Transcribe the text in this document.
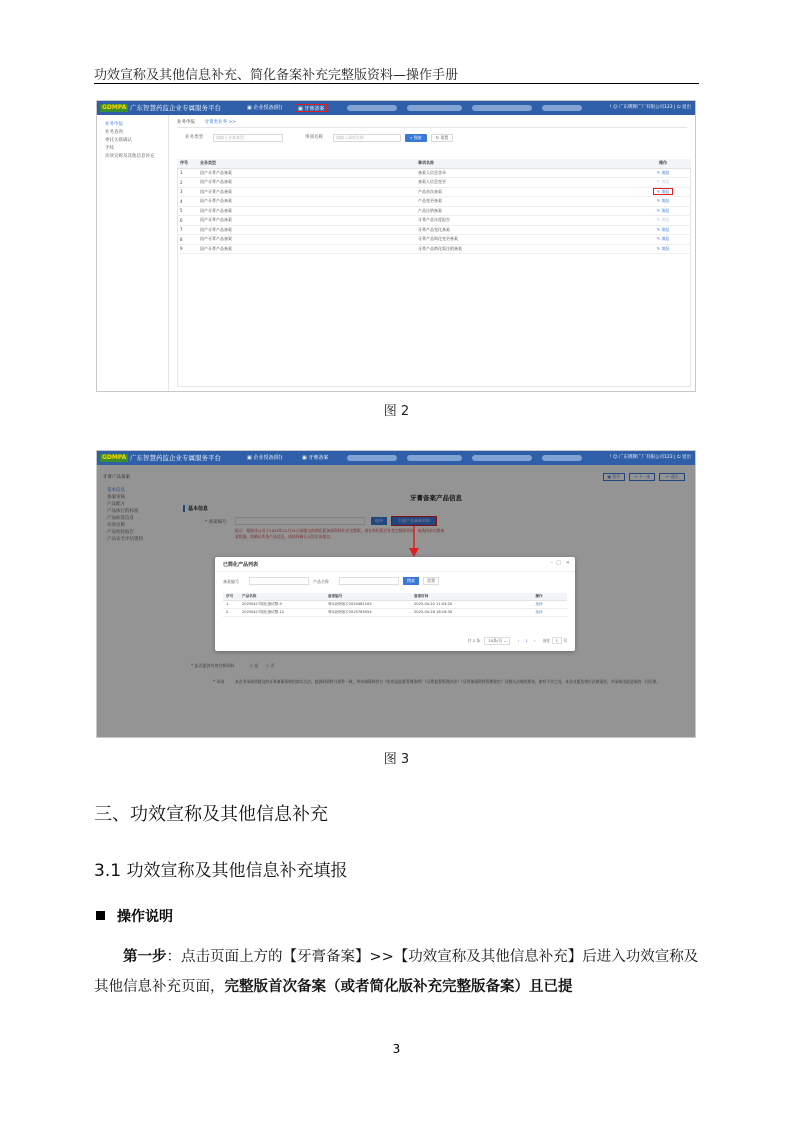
功效宣称及其他信息补充、简化备案补充完整版资料—操作手册
GDMPA 广东智慧药监企业专属服务平台	▣ 企业授备(附)	▣ 牙膏备案	! ☺ 广东牌牌广厂有限公司123 | ⏻ 退出
业务申报
业务查询
委托关联确认
手续
功效宣称及其他信息补充
业务申报 牙膏类业务 >>
业务类型	请输入业务类型	事项名称	请输入事项名称	⌕ 搜索	↻ 重置
序号	业务类型	事项名称	操作
1	国产牙膏产品备案	备案人信息登录	✎ 填报
2	国产牙膏产品备案	备案人信息变更	✎ 填报
3	国产牙膏产品备案	产品首次备案	✎ 填报
4	国产牙膏产品备案	产品变更备案	✎ 填报
5	国产牙膏产品备案	产品注销备案	✎ 填报
6	国产牙膏产品备案	牙膏产品年度报告	✎ 填报
7	国产牙膏产品备案	牙膏产品变化备案	✎ 填报
8	国产牙膏产品备案	牙膏产品简化变更备案	✎ 填报
9	国产牙膏产品备案	牙膏产品简化版注销备案	✎ 填报
图 2
GDMPA 广东智慧药监企业专属服务平台	▣ 企业授备(附)	▣ 牙膏备案	! ☺ 广东牌牌广厂有限公司123 | ⏻ 退出
牙膏产品备案	▣ 暂存	→ 下一步	↩ 返回
基本信息
备案审核
产品配方
产品执行的标准
产品标签信息
功效宣称
产品检验报告
产品安全评估资料
牙膏备案产品信息
基本信息
* 备案编号	选择	引进产品备案资料
提示：根据该公司于2025年12月31日前提交的简化版备案资料补充完整版，请在简化版后补充完整版资料，请选择前完整备案数据，需确认所选产品信息。请选择确认无误后再提交。
* 是否提供功效宣称资料	○ 是 ○ 否
* 承诺	本企业承诺所提交的牙膏备案资料均真实合法，提供的资料与原件一致，所申请资料符合《化妆品监督管理条例》《牙膏监督管理办法》《牙膏备案资料管理规定》及相关法规的要求，如有不实之处，本企业愿负相应法律责任，并承担由此造成的一切后果。
已简化产品列表	– □ ✕
备案编号	产品名称	搜索	重置
序号	产品名称	备案编号	备案时间	操作
1	20250417简化测试整-9	粤G妆网备字2025481105	2025-04-20 11:03:20	选择
2	20250417简化测试整-12	粤G妆网备字2025765054	2025-04-28 16:16:30	选择
共 2 条 10条/页 ⌄	‹ 1 › 前往 1 页
图 3
三、功效宣称及其他信息补充
3.1 功效宣称及其他信息补充填报
操作说明
第一步：点击页面上方的【牙膏备案】>>【功效宣称及其他信息补充】后进入功效宣称及其他信息补充页面，完整版首次备案（或者简化版补充完整版备案）且已提
3
